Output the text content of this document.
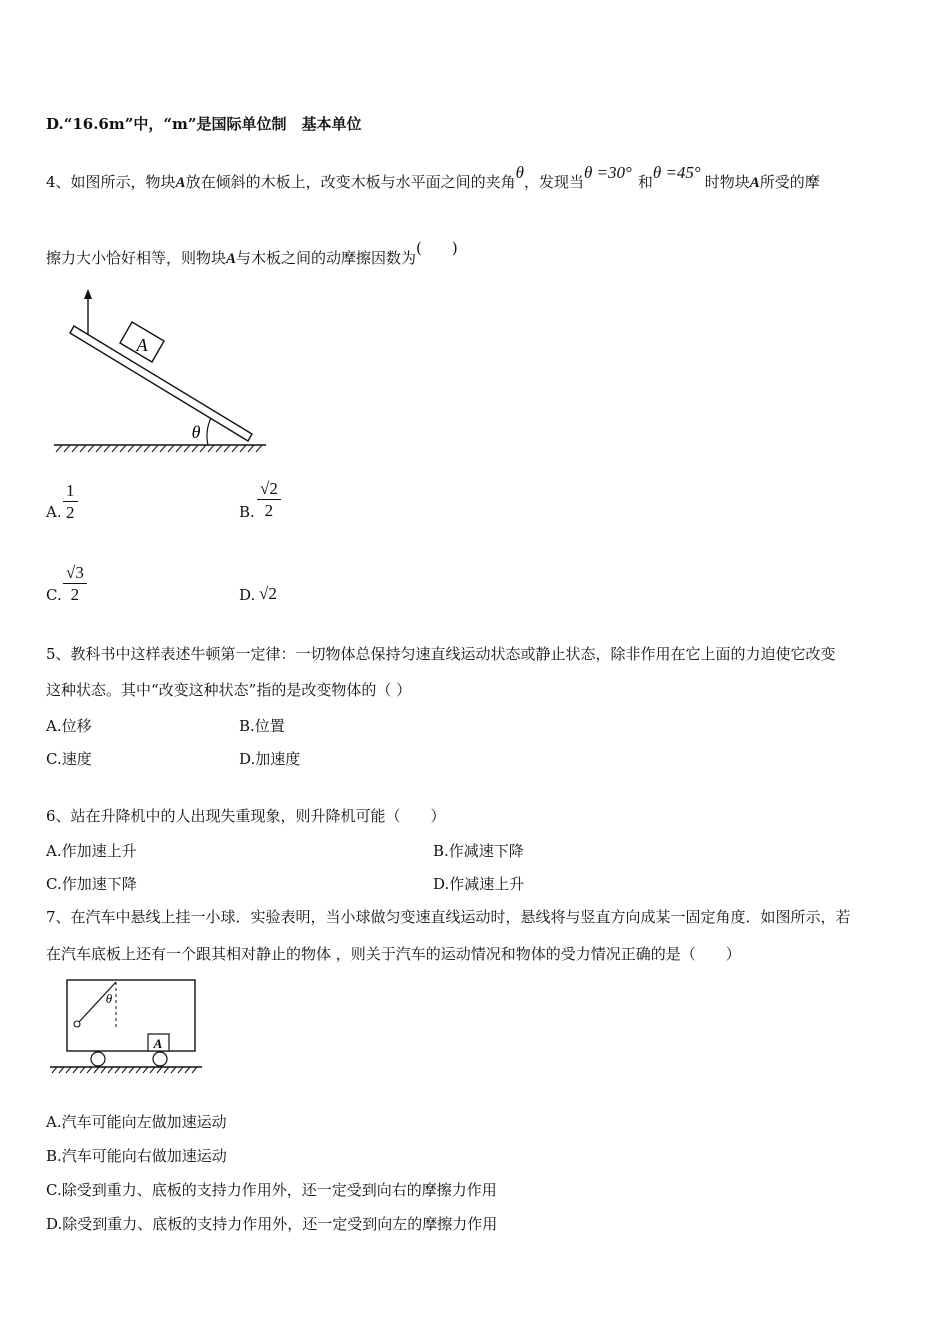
D.“16.6m”中，“m”是国际单位制　基本单位
4、如图所示，物块A放在倾斜的木板上，改变木板与水平面之间的夹角θ，发现当θ =30° 和θ =45° 时物块A所受的摩
擦力大小恰好相等，则物块A与木板之间的动摩擦因数为(　　)
A
θ
A. $\frac{1}{2}$	B. $\frac{√2}{2}$
C. $\frac{√3}{2}$	D. √2
5、教科书中这样表述牛顿第一定律：一切物体总保持匀速直线运动状态或静止状态，除非作用在它上面的力迫使它改变
这种状态。其中“改变这种状态”指的是改变物体的（ ）
A.位移	B.位置
C.速度	D.加速度
6、站在升降机中的人出现失重现象，则升降机可能（　　）
A.作加速上升	B.作减速下降
C.作加速下降	D.作减速上升
7、在汽车中悬线上挂一小球．实验表明，当小球做匀变速直线运动时，悬线将与竖直方向成某一固定角度．如图所示，若
在汽车底板上还有一个跟其相对静止的物体 ，则关于汽车的运动情况和物体的受力情况正确的是（　　）
θ
A
A.汽车可能向左做加速运动
B.汽车可能向右做加速运动
C.除受到重力、底板的支持力作用外，还一定受到向右的摩擦力作用
D.除受到重力、底板的支持力作用外，还一定受到向左的摩擦力作用
